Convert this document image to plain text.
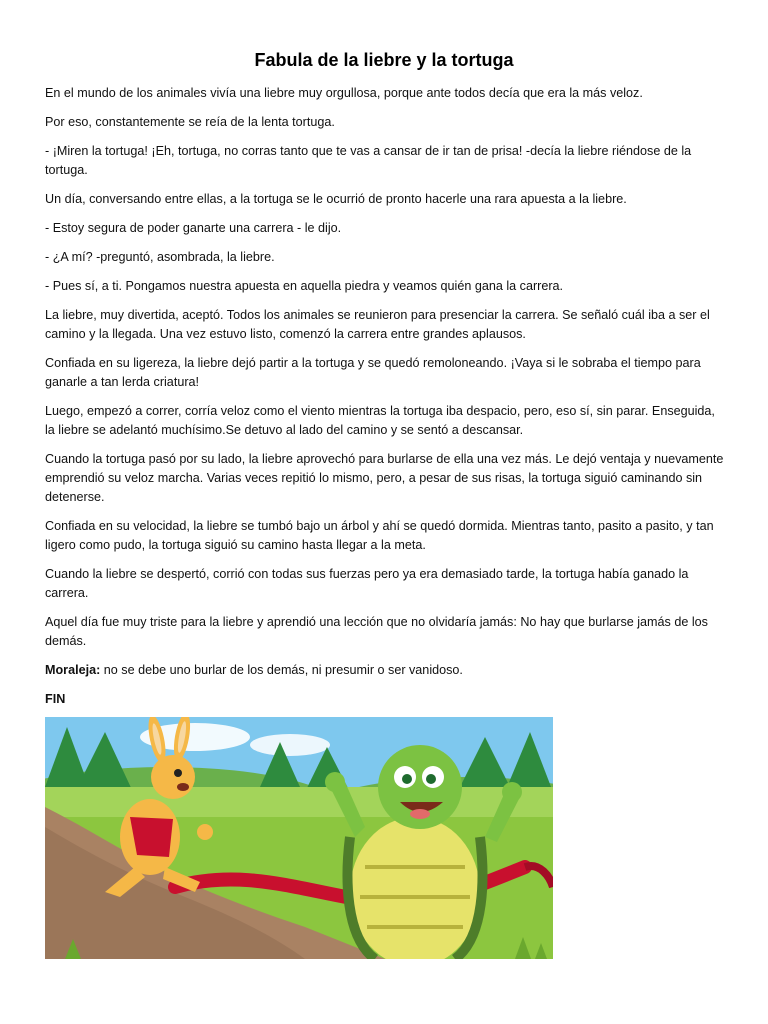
Fabula de la liebre y la tortuga

En el mundo de los animales vivía una liebre muy orgullosa, porque ante todos decía que era la más veloz.

Por eso, constantemente se reía de la lenta tortuga.

- ¡Miren la tortuga! ¡Eh, tortuga, no corras tanto que te vas a cansar de ir tan de prisa! -decía la liebre riéndose de la tortuga.

Un día, conversando entre ellas, a la tortuga se le ocurrió de pronto hacerle una rara apuesta a la liebre.

- Estoy segura de poder ganarte una carrera - le dijo.

- ¿A mí? -preguntó, asombrada, la liebre.

- Pues sí, a ti. Pongamos nuestra apuesta en aquella piedra y veamos quién gana la carrera.

La liebre, muy divertida, aceptó. Todos los animales se reunieron para presenciar la carrera. Se señaló cuál iba a ser el camino y la llegada. Una vez estuvo listo, comenzó la carrera entre grandes aplausos.

Confiada en su ligereza, la liebre dejó partir a la tortuga y se quedó remoloneando. ¡Vaya si le sobraba el tiempo para ganarle a tan lerda criatura!

Luego, empezó a correr, corría veloz como el viento mientras la tortuga iba despacio, pero, eso sí, sin parar. Enseguida, la liebre se adelantó muchísimo.Se detuvo al lado del camino y se sentó a descansar.

Cuando la tortuga pasó por su lado, la liebre aprovechó para burlarse de ella una vez más. Le dejó ventaja y nuevamente emprendió su veloz marcha. Varias veces repitió lo mismo, pero, a pesar de sus risas, la tortuga siguió caminando sin detenerse.

Confiada en su velocidad, la liebre se tumbó bajo un árbol y ahí se quedó dormida. Mientras tanto, pasito a pasito, y tan ligero como pudo, la tortuga siguió su camino hasta llegar a la meta.

Cuando la liebre se despertó, corrió con todas sus fuerzas pero ya era demasiado tarde, la tortuga había ganado la carrera.

Aquel día fue muy triste para la liebre y aprendió una lección que no olvidaría jamás: No hay que burlarse jamás de los demás.

Moraleja: no se debe uno burlar de los demás, ni presumir o ser vanidoso.

FIN
